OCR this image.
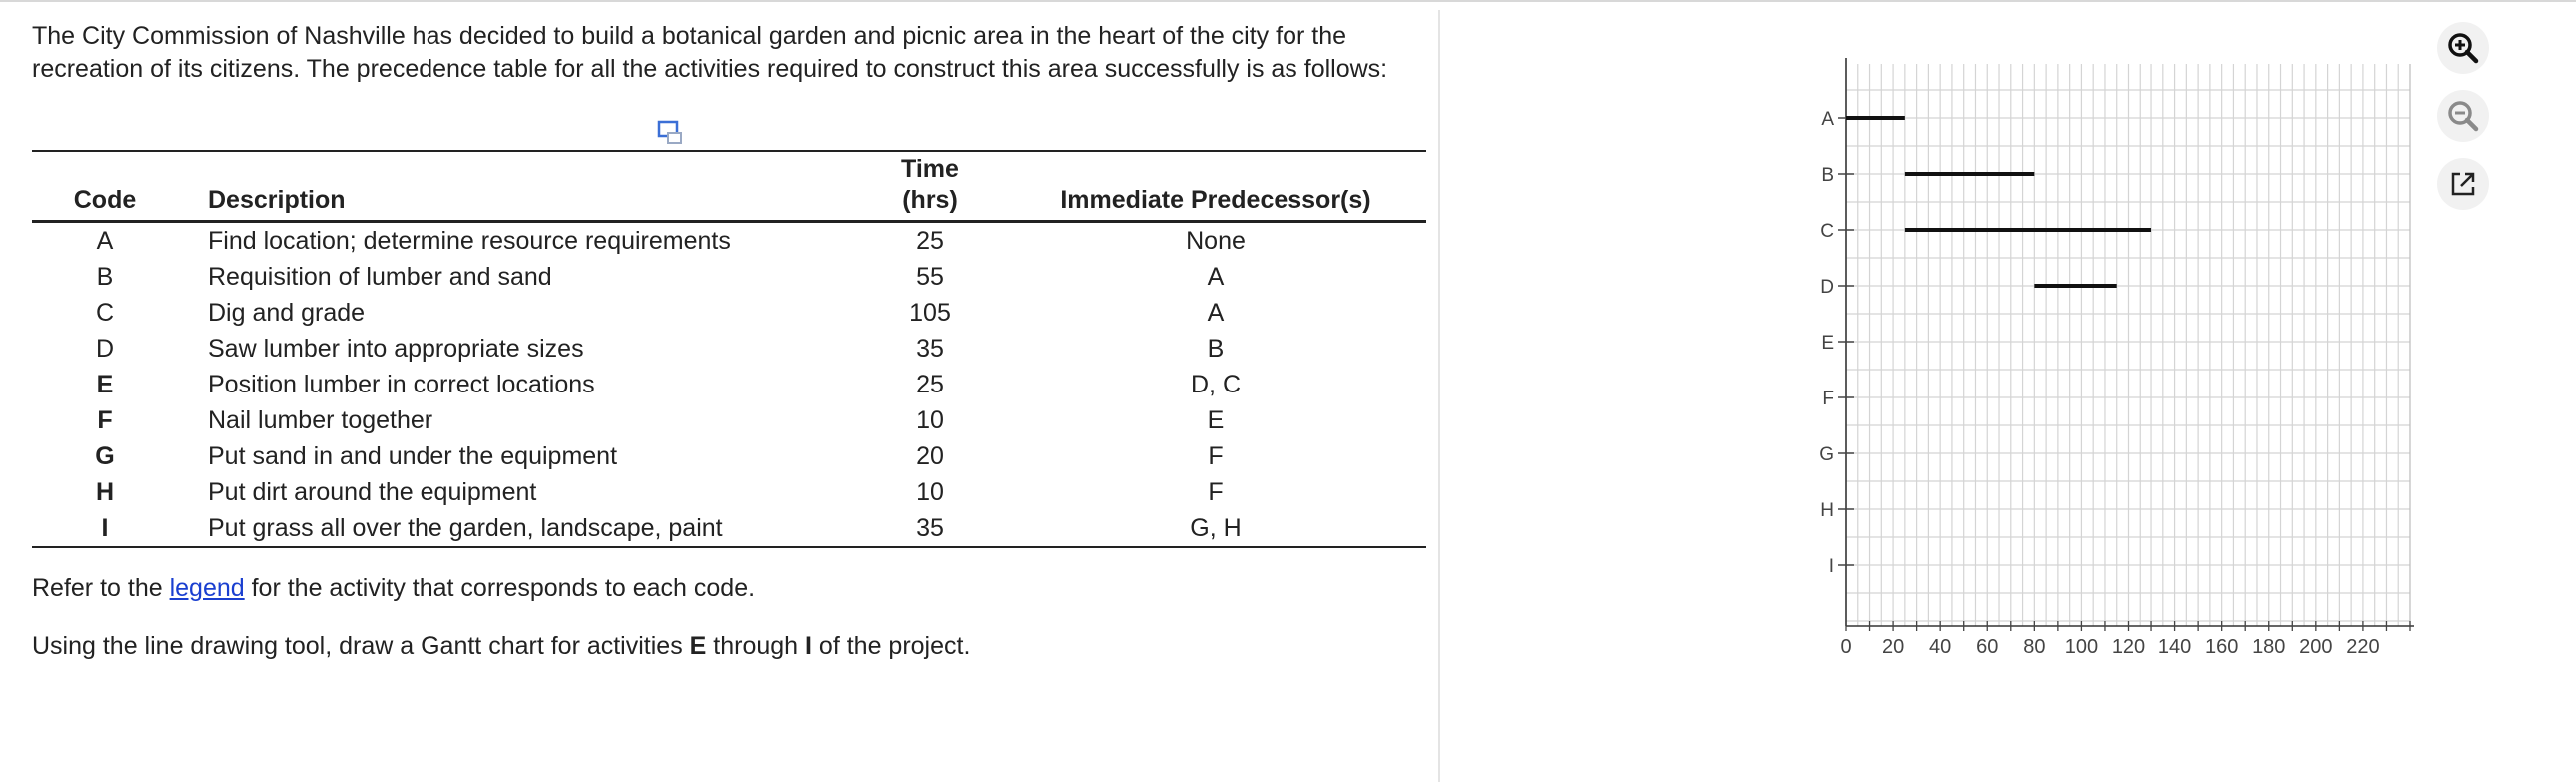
The City Commission of Nashville has decided to build a botanical garden and picnic area in the heart of the city for the recreation of its citizens. The precedence table for all the activities required to construct this area successfully is as follows:

Code	Description	Time
(hrs)	Immediate Predecessor(s)
A	Find location; determine resource requirements	25	None
B	Requisition of lumber and sand	55	A
C	Dig and grade	105	A
D	Saw lumber into appropriate sizes	35	B
E	Position lumber in correct locations	25	D, C
F	Nail lumber together	10	E
G	Put sand in and under the equipment	20	F
H	Put dirt around the equipment	10	F
I	Put grass all over the garden, landscape, paint	35	G, H
Refer to the legend for the activity that corresponds to each code.
Using the line drawing tool, draw a Gantt chart for activities E through I of the project.
A
B
C
D
E
F
G
H
I
0 20 40 60 80 100 120 140 160 180 200 220
